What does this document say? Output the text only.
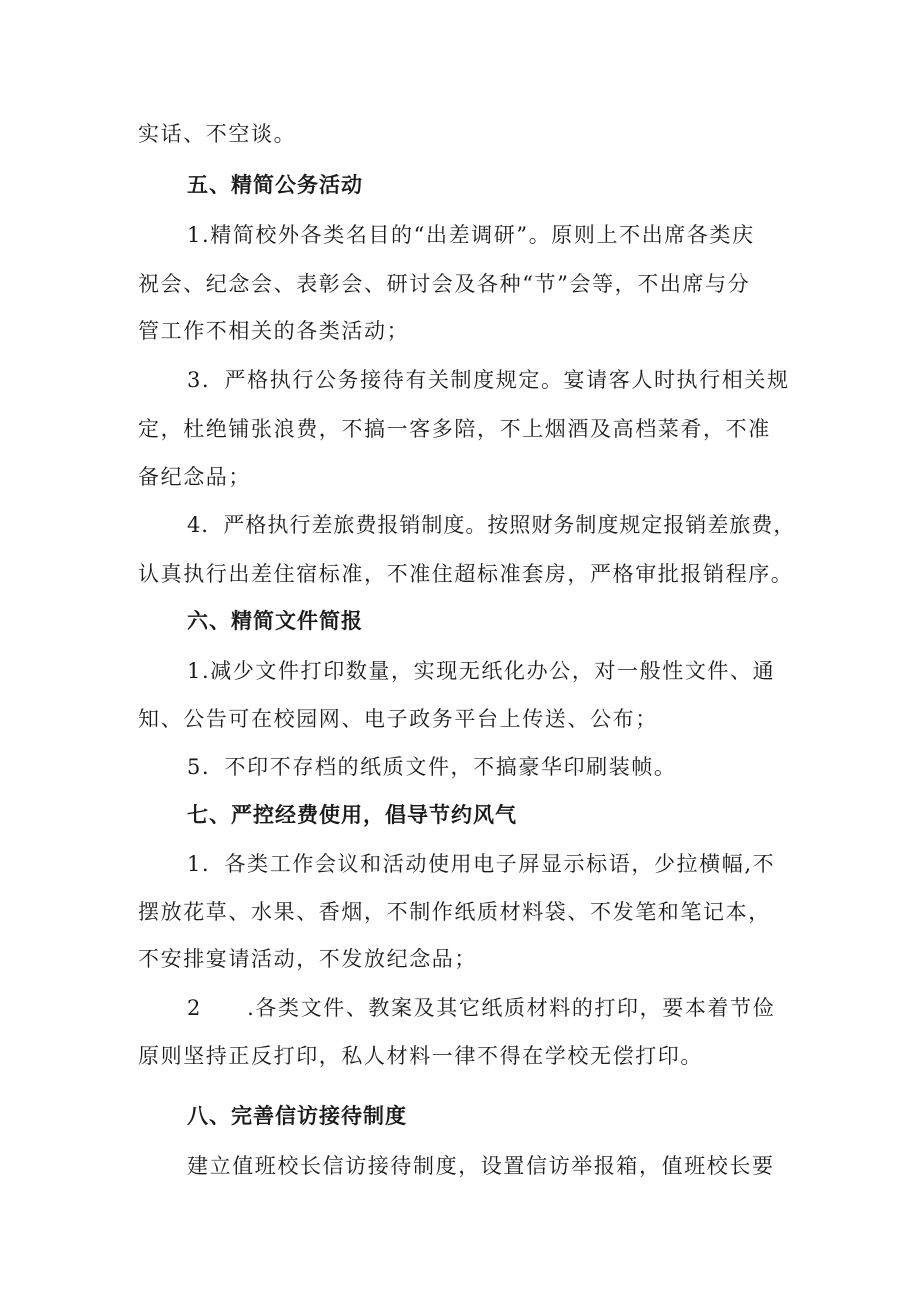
实话、不空谈。
五、精简公务活动
1.精简校外各类名目的“出差调研”。原则上不出席各类庆
祝会、纪念会、表彰会、研讨会及各种“节”会等，不出席与分
管工作不相关的各类活动；
3．严格执行公务接待有关制度规定。宴请客人时执行相关规
定，杜绝铺张浪费，不搞一客多陪，不上烟酒及高档菜肴，不准
备纪念品；
4．严格执行差旅费报销制度。按照财务制度规定报销差旅费，
认真执行出差住宿标准，不准住超标准套房，严格审批报销程序。
六、精简文件简报
1.减少文件打印数量，实现无纸化办公，对一般性文件、通
知、公告可在校园网、电子政务平台上传送、公布；
5．不印不存档的纸质文件，不搞豪华印刷装帧。
七、严控经费使用，倡导节约风气
1．各类工作会议和活动使用电子屏显示标语，少拉横幅,不
摆放花草、水果、香烟，不制作纸质材料袋、不发笔和笔记本，
不安排宴请活动，不发放纪念品；
2　　.各类文件、教案及其它纸质材料的打印，要本着节俭
原则坚持正反打印，私人材料一律不得在学校无偿打印。
八、完善信访接待制度
建立值班校长信访接待制度，设置信访举报箱，值班校长要
